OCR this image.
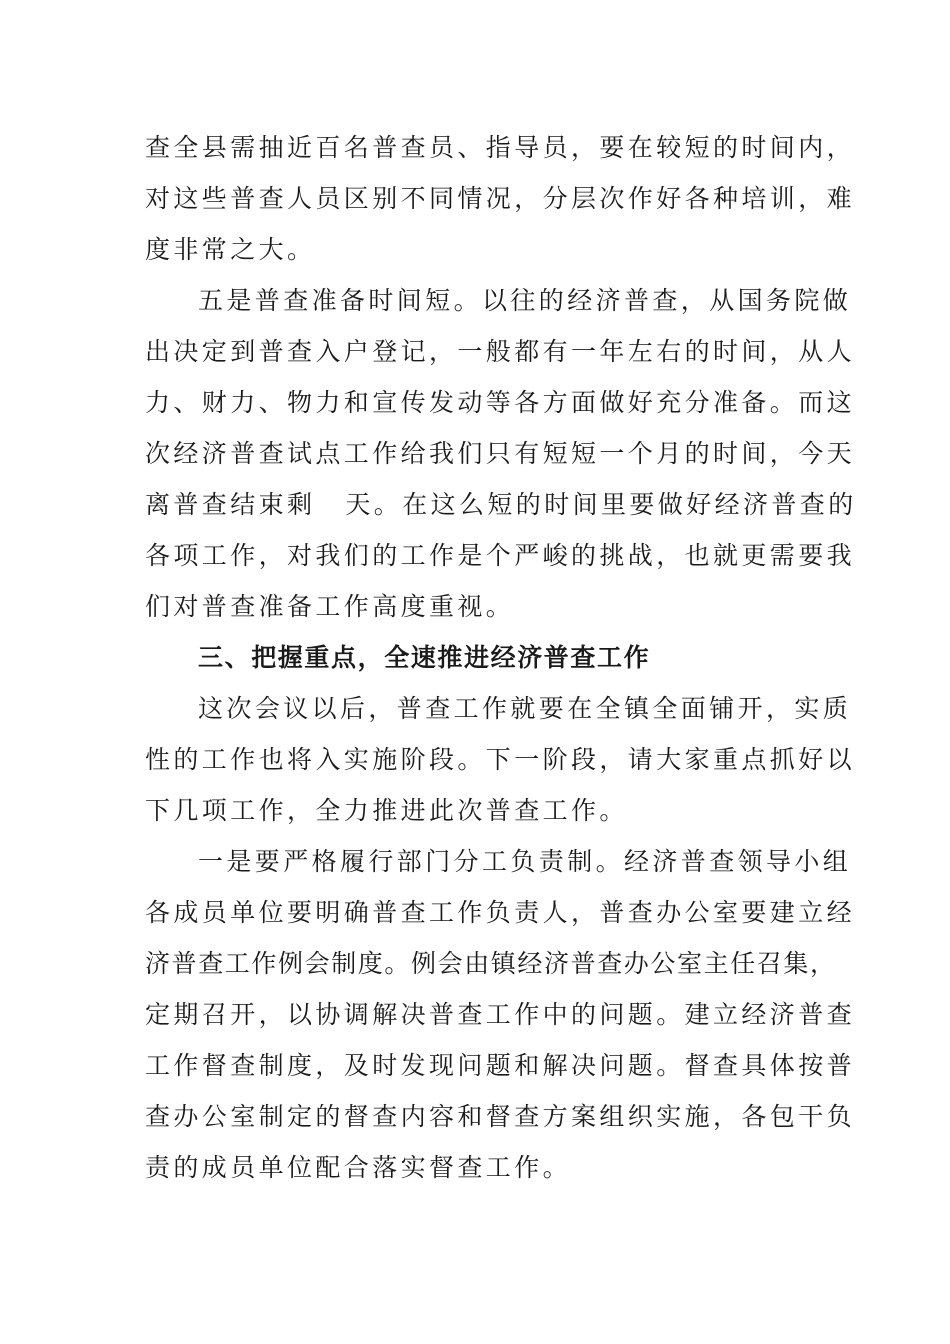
查全县需抽近百名普查员、指导员，要在较短的时间内，
对这些普查人员区别不同情况，分层次作好各种培训，难
度非常之大。
五是普查准备时间短。以往的经济普查，从国务院做
出决定到普查入户登记，一般都有一年左右的时间，从人
力、财力、物力和宣传发动等各方面做好充分准备。而这
次经济普查试点工作给我们只有短短一个月的时间，今天
离普查结束剩 天。在这么短的时间里要做好经济普查的
各项工作，对我们的工作是个严峻的挑战，也就更需要我
们对普查准备工作高度重视。
三、把握重点，全速推进经济普查工作
这次会议以后，普查工作就要在全镇全面铺开，实质
性的工作也将入实施阶段。下一阶段，请大家重点抓好以
下几项工作，全力推进此次普查工作。
一是要严格履行部门分工负责制。经济普查领导小组
各成员单位要明确普查工作负责人，普查办公室要建立经
济普查工作例会制度。例会由镇经济普查办公室主任召集，
定期召开，以协调解决普查工作中的问题。建立经济普查
工作督查制度，及时发现问题和解决问题。督查具体按普
查办公室制定的督查内容和督查方案组织实施，各包干负
责的成员单位配合落实督查工作。
